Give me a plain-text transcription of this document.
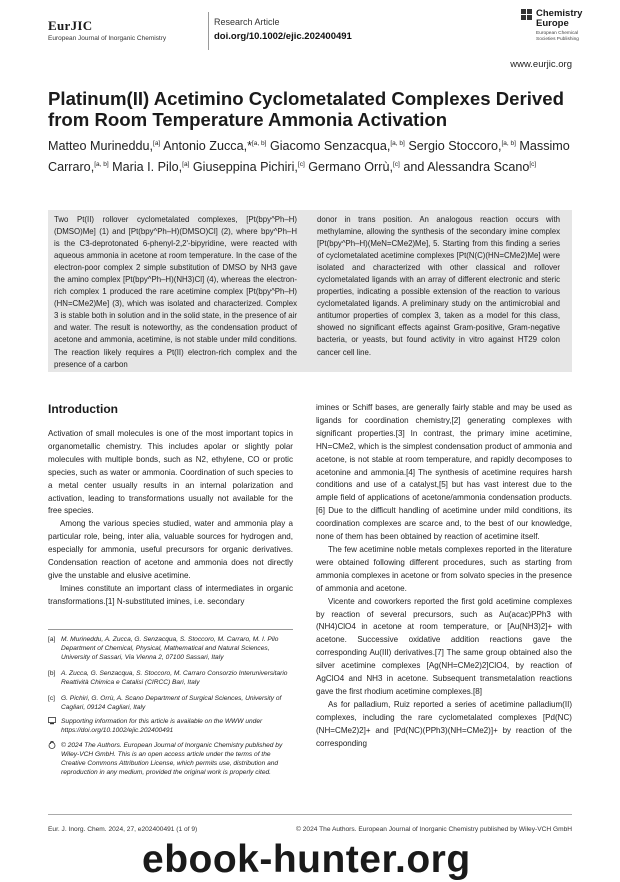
EurJIC
European Journal of Inorganic Chemistry
Research Article
doi.org/10.1002/ejic.202400491
Chemistry
Europe
European Chemical Societies Publishing
www.eurjic.org
Platinum(II) Acetimino Cyclometalated Complexes Derived from Room Temperature Ammonia Activation
Matteo Murineddu,[a] Antonio Zucca,*[a, b] Giacomo Senzacqua,[a, b] Sergio Stoccoro,[a, b] Massimo Carraro,[a, b] Maria I. Pilo,[a] Giuseppina Pichiri,[c] Germano Orrù,[c] and Alessandra Scano[c]
Two Pt(II) rollover cyclometalated complexes, [Pt(bpy^Ph–H)(DMSO)Me] (1) and [Pt(bpy^Ph–H)(DMSO)Cl] (2), where bpy^Ph–H is the C3-deprotonated 6-phenyl-2,2'-bipyridine, were reacted with aqueous ammonia in acetone at room temperature. In the case of the electron-poor complex 2 simple substitution of DMSO by NH3 gave the amino complex [Pt(bpy^Ph–H)(NH3)Cl] (4), whereas the electron-rich complex 1 produced the rare acetimine complex [Pt(bpy^Ph–H)(HN=CMe2)Me] (3), which was isolated and characterized. Complex 3 is stable both in solution and in the solid state, in the presence of air and water. The result is noteworthy, as the condensation product of acetone and ammonia, acetimine, is not stable under mild conditions. The reaction likely requires a Pt(II) electron-rich complex and the presence of a carbon
donor in trans position. An analogous reaction occurs with methylamine, allowing the synthesis of the secondary imine complex [Pt(bpy^Ph–H)(MeN=CMe2)Me], 5. Starting from this finding a series of cyclometalated acetimine complexes [Pt(N(C)(HN=CMe2)Me] were isolated and characterized with other classical and rollover cyclometalated ligands with an array of different electronic and steric properties, indicating a possible extension of the reaction to various cyclometalated ligands. A preliminary study on the antimicrobial and antitumor properties of complex 3, taken as a model for this class, showed no significant effects against Gram-positive, Gram-negative bacteria, or yeasts, but found activity in vitro against HT29 colon cancer cell line.
Introduction

Activation of small molecules is one of the most important topics in organometallic chemistry. This includes apolar or slightly polar molecules with multiple bonds, such as N2, ethylene, CO or protic species, such as water or ammonia. Coordination of such species to a metal center usually results in an internal polarization and activation, leading to transformations usually not available for the free species.

Among the various species studied, water and ammonia play a particular role, being, inter alia, valuable sources for hydrogen and, especially for ammonia, useful precursors for organic derivatives. Condensation reaction of acetone and ammonia does not directly give the unstable and elusive acetimine.

Imines constitute an important class of intermediates in organic transformations.[1] N-substituted imines, i.e. secondary

imines or Schiff bases, are generally fairly stable and may be used as ligands for coordination chemistry,[2] generating complexes with significant properties.[3] In contrast, the primary imine acetimine, HN=CMe2, which is the simplest condensation product of ammonia and acetone, is not stable at room temperature, and rapidly decomposes to acetonine and ammonia.[4] The synthesis of acetimine requires harsh conditions and use of a catalyst,[5] but has vast interest due to the ample field of applications of acetone/ammonia condensation products.[6] Due to the difficult handling of acetimine under mild conditions, its coordination complexes are scarce and, to the best of our knowledge, none of them has been obtained by reaction of acetimine itself.

The few acetimine noble metals complexes reported in the literature were obtained following different procedures, such as starting from ammonia complexes in acetone or from solvato species in the presence of ammonia and acetone.

Vicente and coworkers reported the first gold acetimine complexes by reaction of several precursors, such as Au(acac)PPh3 with (NH4)ClO4 in acetone at room temperature, or [Au(NH3)2]+ with acetone. Successive oxidative addition reactions gave the corresponding Au(III) derivatives.[7] The same group obtained also the silver acetimine complexes [Ag(NH=CMe2)2]ClO4, by reaction of AgClO4 and NH3 in acetone. Subsequent transmetalation reactions gave the first rhodium acetimine complexes.[8]

As for palladium, Ruiz reported a series of acetimine palladium(II) complexes, including the rare cyclometalated complexes [Pd(NC)(NH=CMe2)2]+ and [Pd(NC)(PPh3)(NH=CMe2)]+ by reaction of the corresponding

[a] M. Murineddu, A. Zucca, G. Senzacqua, S. Stoccoro, M. Carraro, M. I. Pilo Department of Chemical, Physical, Mathematical and Natural Sciences, University of Sassari, Via Vienna 2, 07100 Sassari, Italy
[b] A. Zucca, G. Senzacqua, S. Stoccoro, M. Carraro Consorzio Interuniversitario Reattività Chimica e Catalisi (CIRCC) Bari, Italy
[c] G. Pichiri, G. Orrù, A. Scano Department of Surgical Sciences, University of Cagliari, 09124 Cagliari, Italy
Supporting information for this article is available on the WWW under https://doi.org/10.1002/ejic.202400491
© 2024 The Authors. European Journal of Inorganic Chemistry published by Wiley-VCH GmbH. This is an open access article under the terms of the Creative Commons Attribution License, which permits use, distribution and reproduction in any medium, provided the original work is properly cited.
Eur. J. Inorg. Chem. 2024, 27, e202400491 (1 of 9)	© 2024 The Authors. European Journal of Inorganic Chemistry published by Wiley-VCH GmbH
ebook-hunter.org
